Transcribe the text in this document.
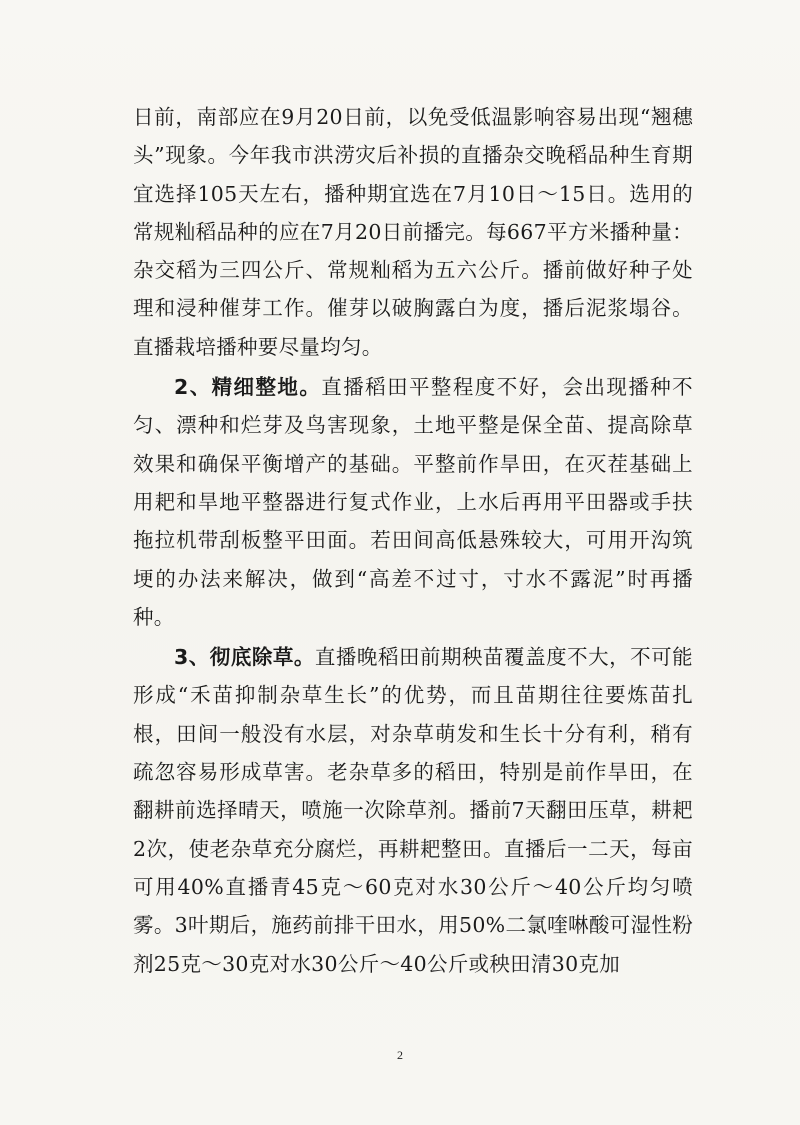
日前，南部应在9月20日前，以免受低温影响容易出现“翘穗头”现象。今年我市洪涝灾后补损的直播杂交晚稻品种生育期宜选择105天左右，播种期宜选在7月10日～15日。选用的常规籼稻品种的应在7月20日前播完。每667平方米播种量：杂交稻为三四公斤、常规籼稻为五六公斤。播前做好种子处理和浸种催芽工作。催芽以破胸露白为度，播后泥浆塌谷。直播栽培播种要尽量均匀。

2、精细整地。直播稻田平整程度不好，会出现播种不匀、漂种和烂芽及鸟害现象，土地平整是保全苗、提高除草效果和确保平衡增产的基础。平整前作旱田，在灭茬基础上用耙和旱地平整器进行复式作业，上水后再用平田器或手扶拖拉机带刮板整平田面。若田间高低悬殊较大，可用开沟筑埂的办法来解决，做到“高差不过寸，寸水不露泥”时再播种。

3、彻底除草。直播晚稻田前期秧苗覆盖度不大，不可能形成“禾苗抑制杂草生长”的优势，而且苗期往往要炼苗扎根，田间一般没有水层，对杂草萌发和生长十分有利，稍有疏忽容易形成草害。老杂草多的稻田，特别是前作旱田，在翻耕前选择晴天，喷施一次除草剂。播前7天翻田压草，耕耙2次，使老杂草充分腐烂，再耕耙整田。直播后一二天，每亩可用40%直播青45克～60克对水30公斤～40公斤均匀喷雾。3叶期后，施药前排干田水，用50%二氯喹啉酸可湿性粉剂25克～30克对水30公斤～40公斤或秧田清30克加

2
